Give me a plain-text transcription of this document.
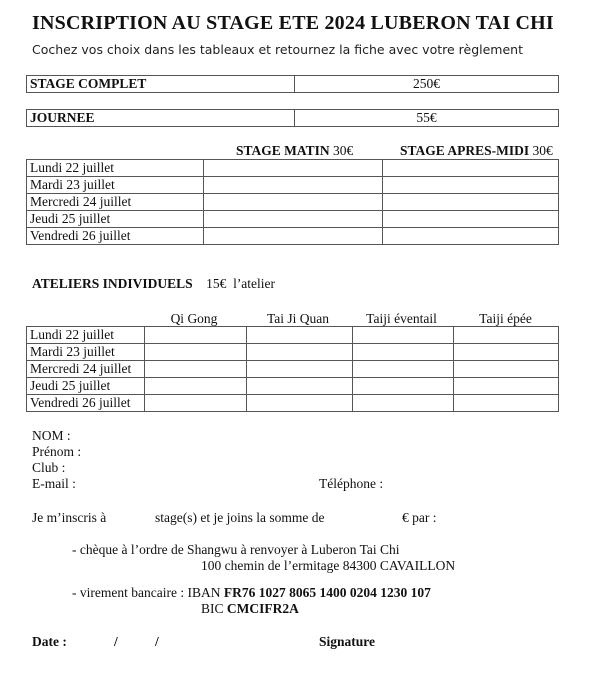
INSCRIPTION AU STAGE ETE 2024 LUBERON TAI CHI
Cochez vos choix dans les tableaux et retournez la fiche avec votre règlement
STAGE COMPLET	250€
JOURNEE	55€
STAGE MATIN 30€	STAGE APRES-MIDI 30€
Lundi 22 juillet		
Mardi 23 juillet		
Mercredi 24 juillet		
Jeudi 25 juillet		
Vendredi 26 juillet		
ATELIERS INDIVIDUELS 15€  l’atelier
Qi Gong	Tai Ji Quan	Taiji éventail	Taiji épée
Lundi 22 juillet				
Mardi 23 juillet				
Mercredi 24 juillet				
Jeudi 25 juillet				
Vendredi 26 juillet				
NOM :
Prénom :
Club :
E-mail :	Téléphone :
Je m’inscris à	stage(s) et je joins la somme de	€ par :
- chèque à l’ordre de Shangwu à renvoyer à Luberon Tai Chi
100 chemin de l’ermitage 84300 CAVAILLON
- virement bancaire : IBAN FR76 1027 8065 1400 0204 1230 107
BIC CMCIFR2A
Date :	/	/	Signature
